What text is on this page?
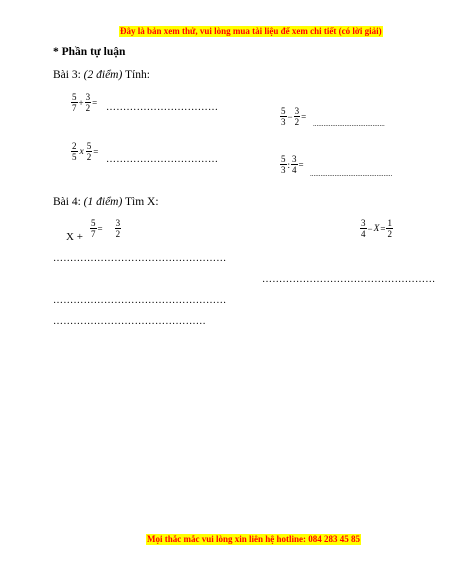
Đây là bản xem thử, vui lòng mua tài liệu để xem chi tiết (có lời giải)
* Phần tự luận
Bài 3: (2 điểm) Tính:
$\frac{5}{7} + \frac{3}{2}$ = ……………………………	$\frac{5}{3} - \frac{3}{2}$ =
.........................................
$\frac{2}{5}$ x $\frac{5}{2}$ =
……………………………	$\frac{5}{3}$ : $\frac{3}{4}$ =
...............................................
Bài 4: (1 điểm) Tìm X:
$X + \frac{5}{7} = \frac{3}{2}$	$\frac{3}{4} - X = \frac{1}{2}$
……………………………………………
……………………………………………
……………………………………………
………………………………………
Mọi thắc mắc vui lòng xin liên hệ hotline: 084 283 45 85
